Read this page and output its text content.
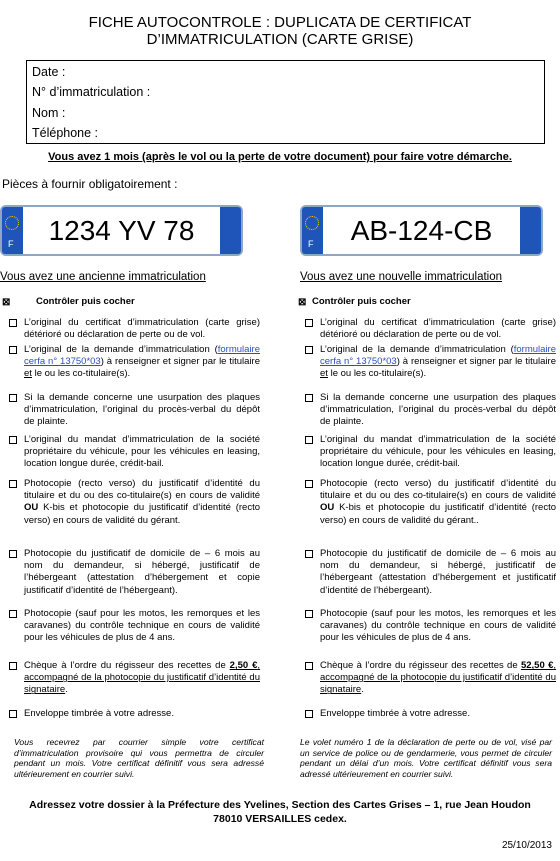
FICHE AUTOCONTROLE : DUPLICATA DE CERTIFICAT
D’IMMATRICULATION (CARTE GRISE)
Date :
N° d’immatriculation :
Nom :
Téléphone :
Vous avez 1 mois (après le vol ou la perte de votre document) pour faire votre démarche.
Pièces à fournir obligatoirement :
F	1234 YV 78	F	AB-124-CB
Vous avez une ancienne immatriculation	Vous avez une nouvelle immatriculation
⊠	Contrôler puis cocher
L’original du certificat d’immatriculation (carte grise) détérioré ou déclaration de perte ou de vol.
L’original de la demande d’immatriculation (formulaire cerfa n° 13750*03) à renseigner et signer par le titulaire et le ou les co-titulaire(s).
Si la demande concerne une usurpation des plaques d’immatriculation, l’original du procès-verbal du dépôt de plainte.
L’original du mandat d’immatriculation de la société propriétaire du véhicule, pour les véhicules en leasing, location longue durée, crédit-bail.
Photocopie (recto verso) du justificatif d’identité du titulaire et du ou des co-titulaire(s) en cours de validité OU K-bis et photocopie du justificatif d’identité (recto verso) en cours de validité du gérant.
Photocopie du justificatif de domicile de – 6 mois au nom du demandeur, si hébergé, justificatif de l’hébergeant (attestation d’hébergement et copie justificatif d’identité de l’hébergeant).
Photocopie (sauf pour les motos, les remorques et les caravanes) du contrôle technique en cours de validité pour les véhicules de plus de 4 ans.
Chèque à l’ordre du régisseur des recettes de 2,50 €, accompagné de la photocopie du justificatif d’identité du signataire.
Enveloppe timbrée à votre adresse.
Vous recevrez par courrier simple votre certificat d’immatriculation provisoire qui vous permettra de circuler pendant un mois. Votre certificat définitif vous sera adressé ultérieurement en courrier suivi.
⊠ Contrôler puis cocher
L’original du certificat d’immatriculation (carte grise) détérioré ou déclaration de perte ou de vol.
L’original de la demande d’immatriculation (formulaire cerfa n° 13750*03) à renseigner et signer par le titulaire et le ou les co-titulaire(s).
Si la demande concerne une usurpation des plaques d’immatriculation, l’original du procès-verbal du dépôt de plainte.
L’original du mandat d’immatriculation de la société propriétaire du véhicule, pour les véhicules en leasing, location longue durée, crédit-bail.
Photocopie (recto verso) du justificatif d’identité du titulaire et du ou des co-titulaire(s) en cours de validité OU K-bis et photocopie du justificatif d’identité (recto verso) en cours de validité du gérant..
Photocopie du justificatif de domicile de – 6 mois au nom du demandeur, si hébergé, justificatif de l’hébergeant (attestation d’hébergement et justificatif d’identité de l’hébergeant).
Photocopie (sauf pour les motos, les remorques et les caravanes) du contrôle technique en cours de validité pour les véhicules de plus de 4 ans.
Chèque à l’ordre du régisseur des recettes de 52,50 €, accompagné de la photocopie du justificatif d’identité du signataire.
Enveloppe timbrée à votre adresse.
Le volet numéro 1 de la déclaration de perte ou de vol, visé par un service de police ou de gendarmerie, vous permet de circuler pendant un délai d’un mois. Votre certificat définitif vous sera adressé ultérieurement en courrier suivi.
Adressez votre dossier à la Préfecture des Yvelines, Section des Cartes Grises – 1, rue Jean Houdon
78010 VERSAILLES cedex.
25/10/2013
